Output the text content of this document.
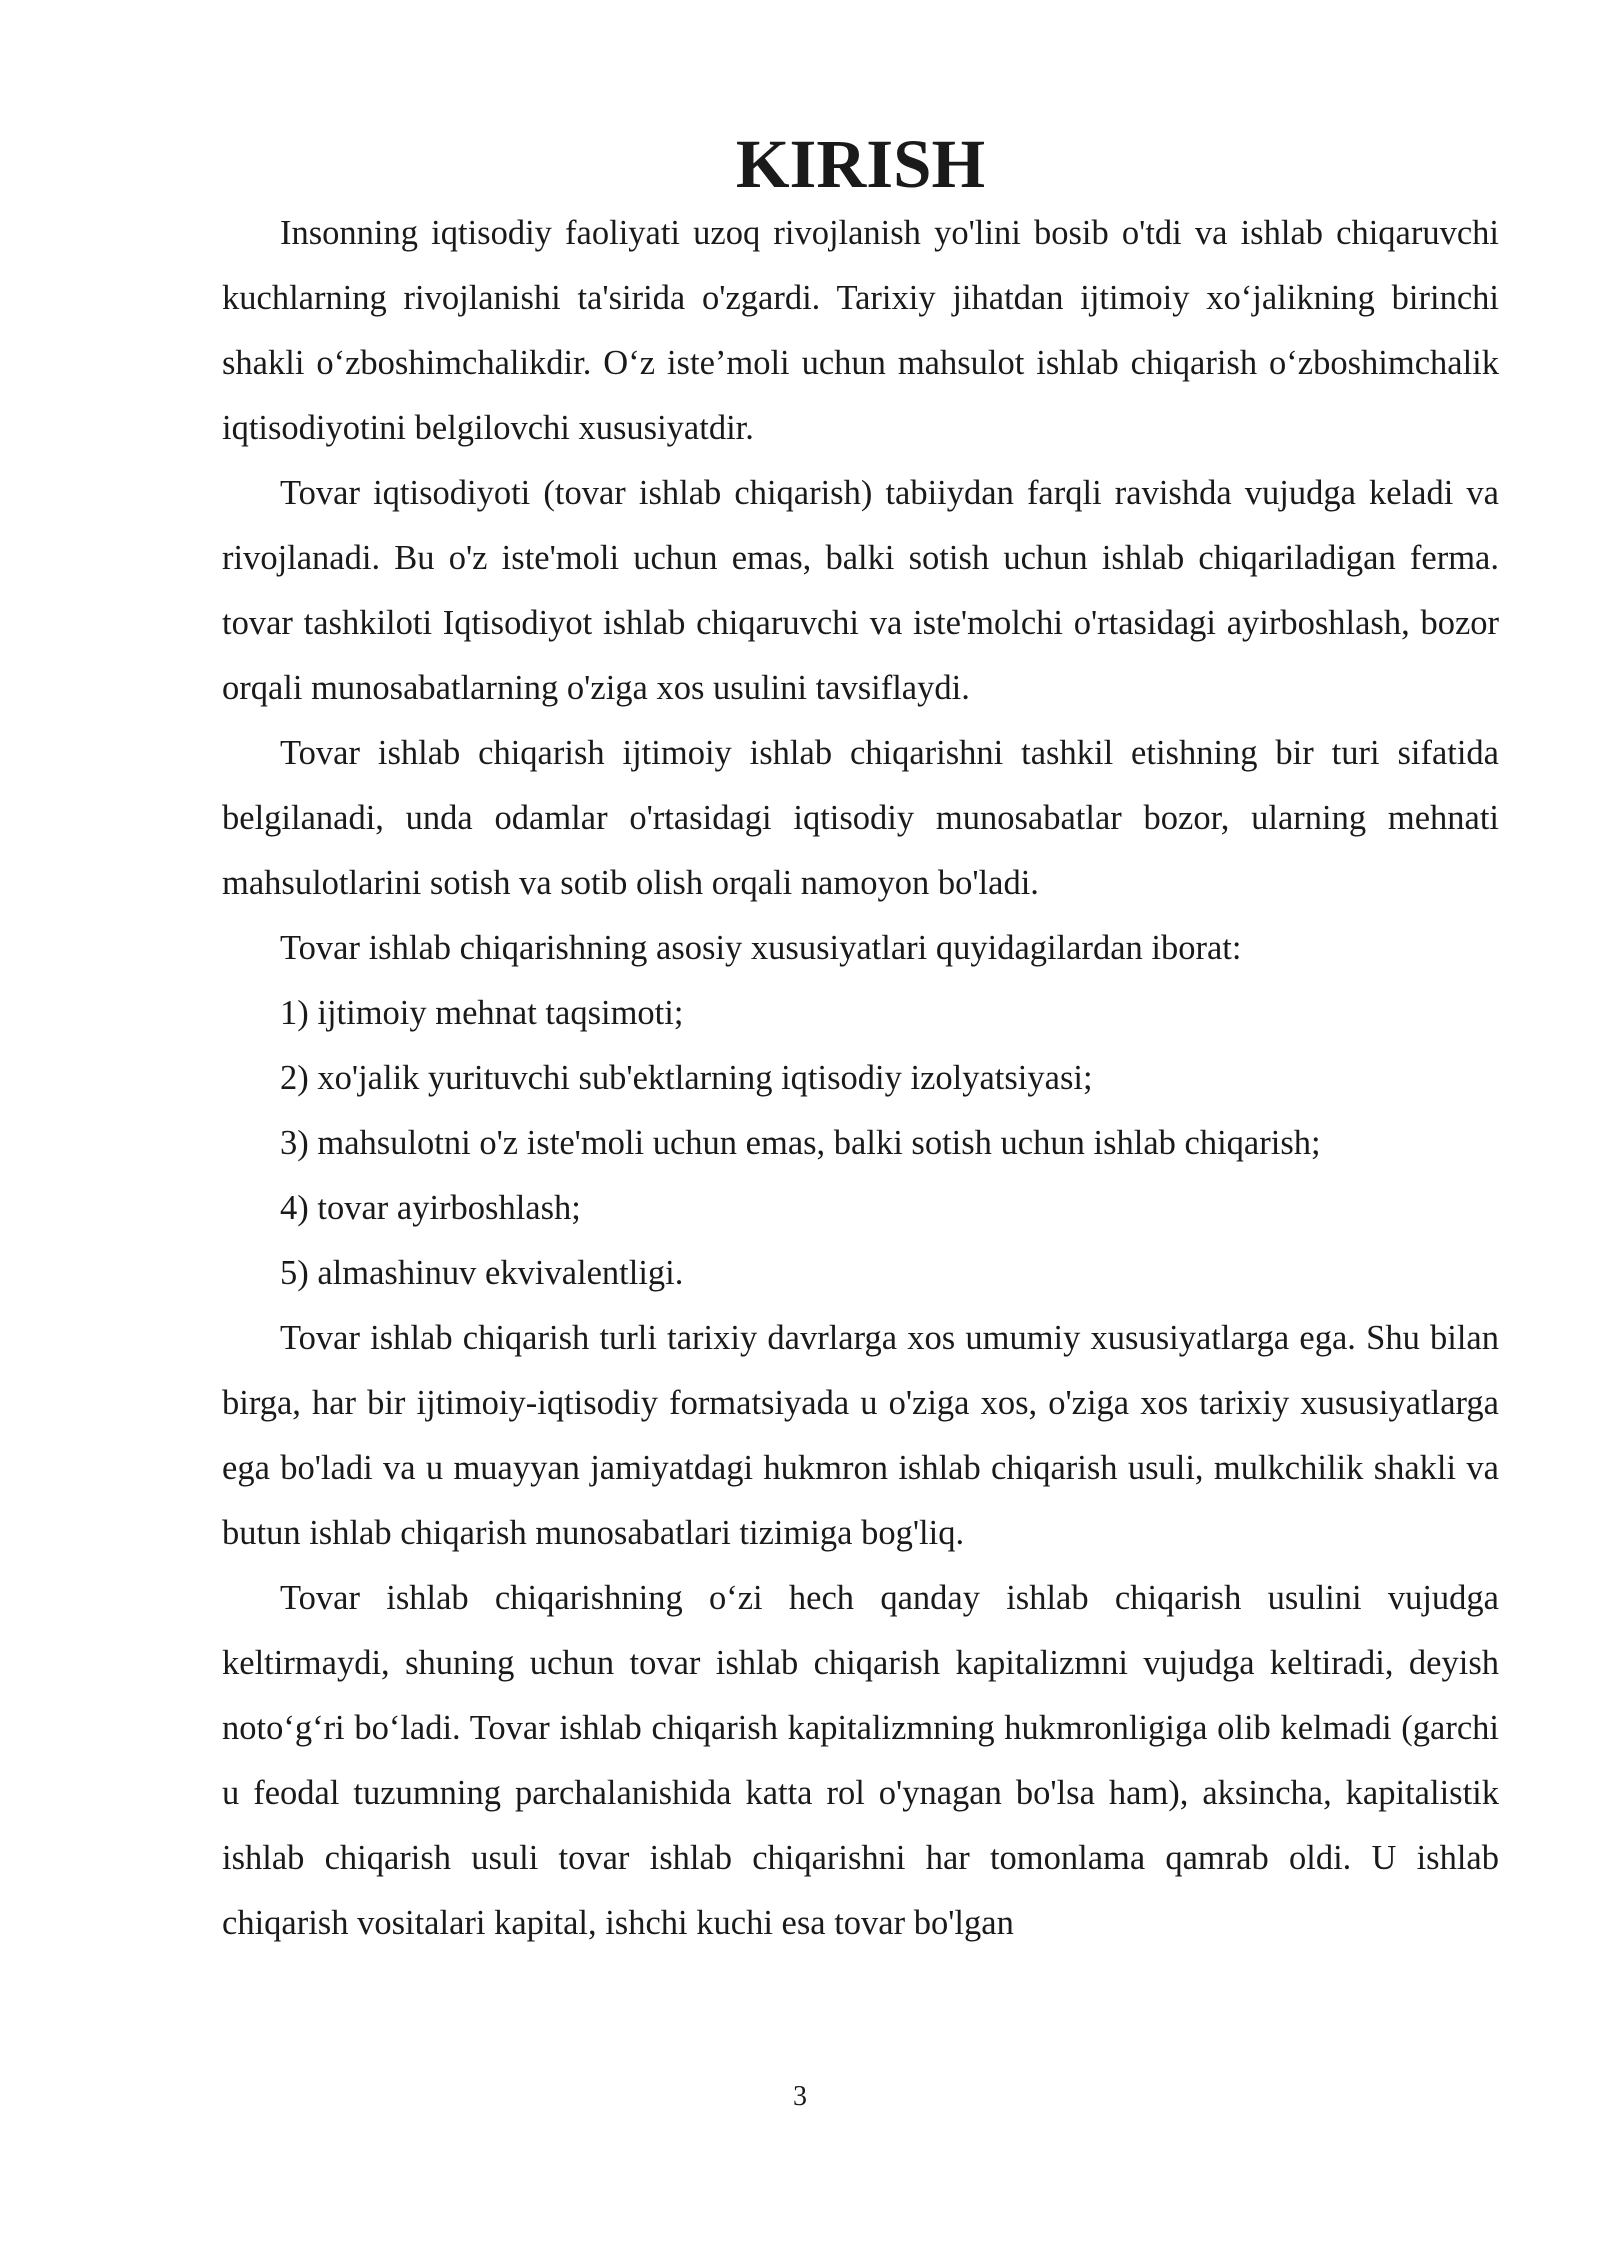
KIRISH

Insonning iqtisodiy faoliyati uzoq rivojlanish yo'lini bosib o'tdi va ishlab chiqaruvchi kuchlarning rivojlanishi ta'sirida o'zgardi. Tarixiy jihatdan ijtimoiy xo‘jalikning birinchi shakli o‘zboshimchalikdir. O‘z iste’moli uchun mahsulot ishlab chiqarish o‘zboshimchalik iqtisodiyotini belgilovchi xususiyatdir.

Tovar iqtisodiyoti (tovar ishlab chiqarish) tabiiydan farqli ravishda vujudga keladi va rivojlanadi. Bu o'z iste'moli uchun emas, balki sotish uchun ishlab chiqariladigan ferma. tovar tashkiloti Iqtisodiyot ishlab chiqaruvchi va iste'molchi o'rtasidagi ayirboshlash, bozor orqali munosabatlarning o'ziga xos usulini tavsiflaydi.

Tovar ishlab chiqarish ijtimoiy ishlab chiqarishni tashkil etishning bir turi sifatida belgilanadi, unda odamlar o'rtasidagi iqtisodiy munosabatlar bozor, ularning mehnati mahsulotlarini sotish va sotib olish orqali namoyon bo'ladi.

Tovar ishlab chiqarishning asosiy xususiyatlari quyidagilardan iborat:

1) ijtimoiy mehnat taqsimoti;

2) xo'jalik yurituvchi sub'ektlarning iqtisodiy izolyatsiyasi;

3) mahsulotni o'z iste'moli uchun emas, balki sotish uchun ishlab chiqarish;

4) tovar ayirboshlash;

5) almashinuv ekvivalentligi.

Tovar ishlab chiqarish turli tarixiy davrlarga xos umumiy xususiyatlarga ega. Shu bilan birga, har bir ijtimoiy-iqtisodiy formatsiyada u o'ziga xos, o'ziga xos tarixiy xususiyatlarga ega bo'ladi va u muayyan jamiyatdagi hukmron ishlab chiqarish usuli, mulkchilik shakli va butun ishlab chiqarish munosabatlari tizimiga bog'liq.

Tovar ishlab chiqarishning o‘zi hech qanday ishlab chiqarish usulini vujudga keltirmaydi, shuning uchun tovar ishlab chiqarish kapitalizmni vujudga keltiradi, deyish noto‘g‘ri bo‘ladi. Tovar ishlab chiqarish kapitalizmning hukmronligiga olib kelmadi (garchi u feodal tuzumning parchalanishida katta rol o'ynagan bo'lsa ham), aksincha, kapitalistik ishlab chiqarish usuli tovar ishlab chiqarishni har tomonlama qamrab oldi. U ishlab chiqarish vositalari kapital, ishchi kuchi esa tovar bo'lgan

3
